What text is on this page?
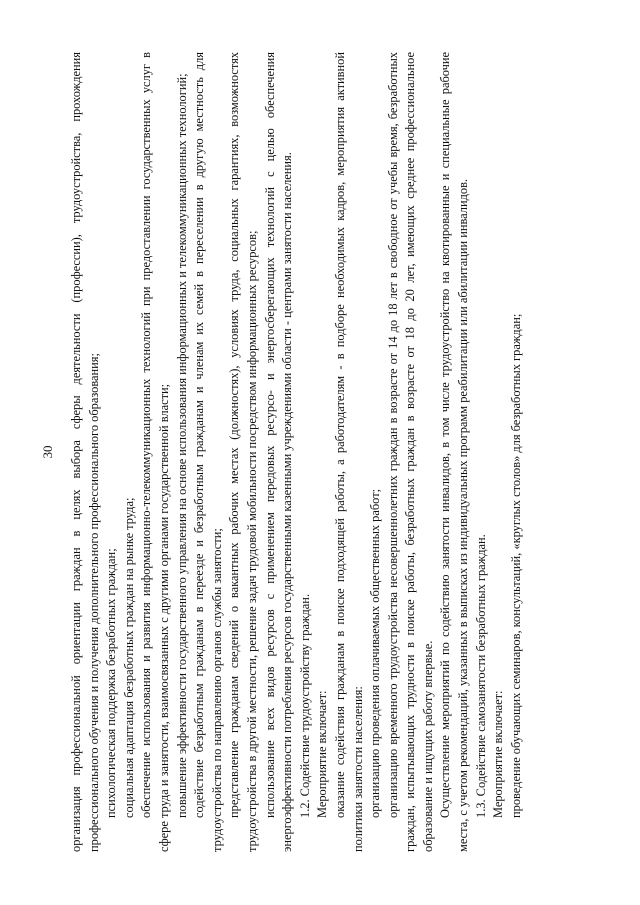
30 организация профессиональной ориентации граждан в целях выбора сферы деятельности (профессии), трудоустройства, прохождения профессионального обучения и получения дополнительного профессионального образования; психологическая поддержка безработных граждан; социальная адаптация безработных граждан на рынке труда; обеспечение использования и развития информационно-телекоммуникационных технологий при предоставлении государственных услуг в сфере труда и занятости, взаимосвязанных с другими органами государственной власти; повышение эффективности государственного управления на основе использования информационных и телекоммуникационных технологий; содействие безработным гражданам в переезде и безработным гражданам и членам их семей в переселении в другую местность для трудоустройства по направлению органов службы занятости; представление гражданам сведений о вакантных рабочих местах (должностях), условиях труда, социальных гарантиях, возможностях трудоустройства в другой местности, решение задач трудовой мобильности посредством информационных ресурсов; использование всех видов ресурсов с применением передовых ресурсо- и энергосберегающих технологий с целью обеспечения энергоэффективности потребления ресурсов государственными казенными учреждениями области - центрами занятости населения. 1.2. Содействие трудоустройству граждан. Мероприятие включает: оказание содействия гражданам в поиске подходящей работы, а работодателям - в подборе необходимых кадров, мероприятия активной политики занятости населения: организацию проведения оплачиваемых общественных работ; организацию временного трудоустройства несовершеннолетних граждан в возрасте от 14 до 18 лет в свободное от учебы время, безработных граждан, испытывающих трудности в поиске работы, безработных граждан в возрасте от 18 до 20 лет, имеющих среднее профессиональное образование и ищущих работу впервые. Осуществление мероприятий по содействию занятости инвалидов, в том числе трудоустройство на квотированные и специальные рабочие места, с учетом рекомендаций, указанных в выписках из индивидуальных программ реабилитации или абилитации инвалидов. 1.3. Содействие самозанятости безработных граждан. Мероприятие включает: проведение обучающих семинаров, консультаций, «круглых столов» для безработных граждан;
